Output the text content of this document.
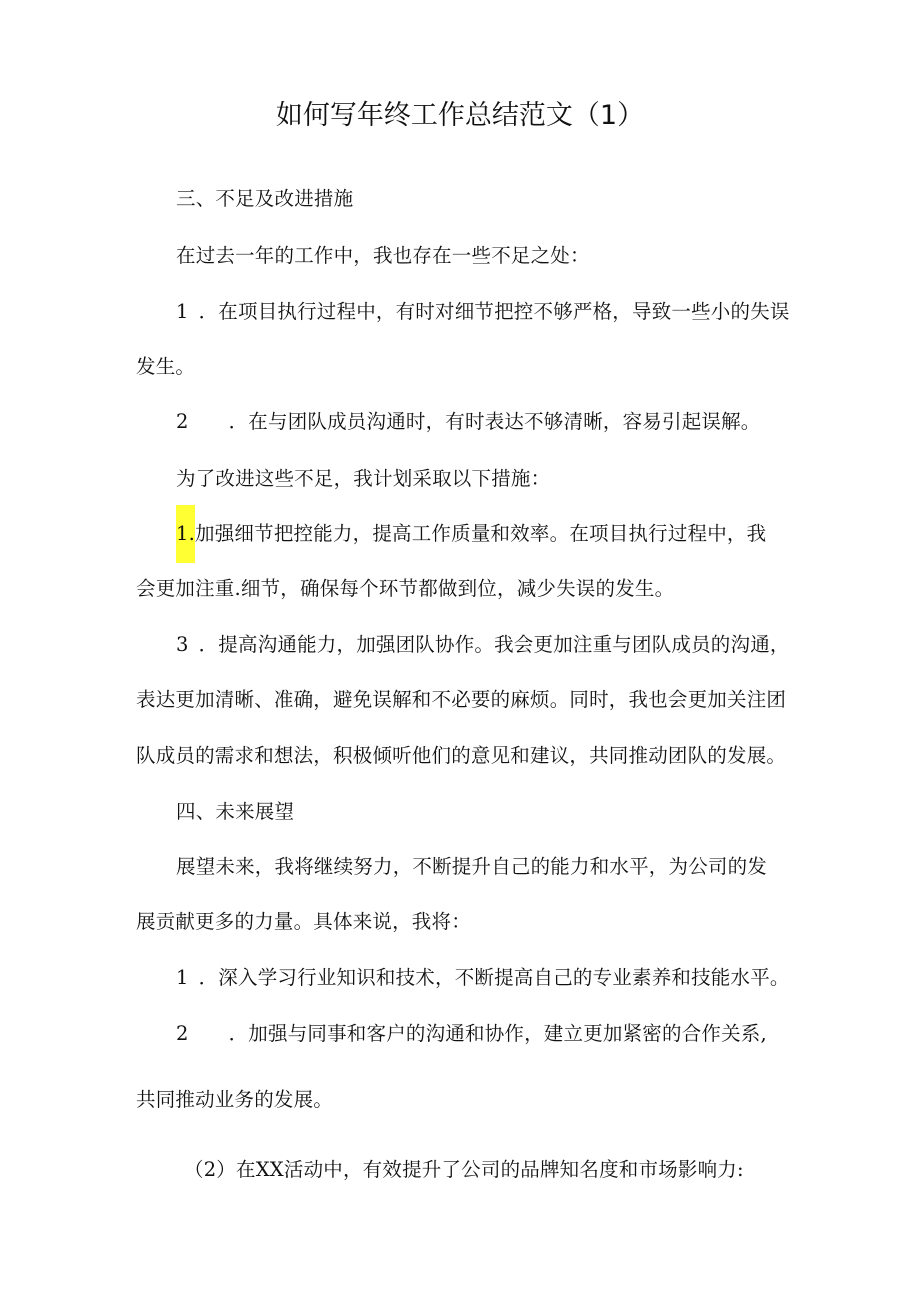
如何写年终工作总结范文（1）
三、不足及改进措施
在过去一年的工作中，我也存在一些不足之处：
1 ．在项目执行过程中，有时对细节把控不够严格，导致一些小的失误
发生。
2 ．在与团队成员沟通时，有时表达不够清晰，容易引起误解。
为了改进这些不足，我计划采取以下措施：
1.加强细节把控能力，提高工作质量和效率。在项目执行过程中，我
会更加注重.细节，确保每个环节都做到位，减少失误的发生。
3 ．提高沟通能力，加强团队协作。我会更加注重与团队成员的沟通，
表达更加清晰、准确，避免误解和不必要的麻烦。同时，我也会更加关注团
队成员的需求和想法，积极倾听他们的意见和建议，共同推动团队的发展。
四、未来展望
展望未来，我将继续努力，不断提升自己的能力和水平，为公司的发
展贡献更多的力量。具体来说，我将：
1 ．深入学习行业知识和技术，不断提高自己的专业素养和技能水平。
2 ．加强与同事和客户的沟通和协作，建立更加紧密的合作关系,
共同推动业务的发展。
（2）在XX活动中，有效提升了公司的品牌知名度和市场影响力:
